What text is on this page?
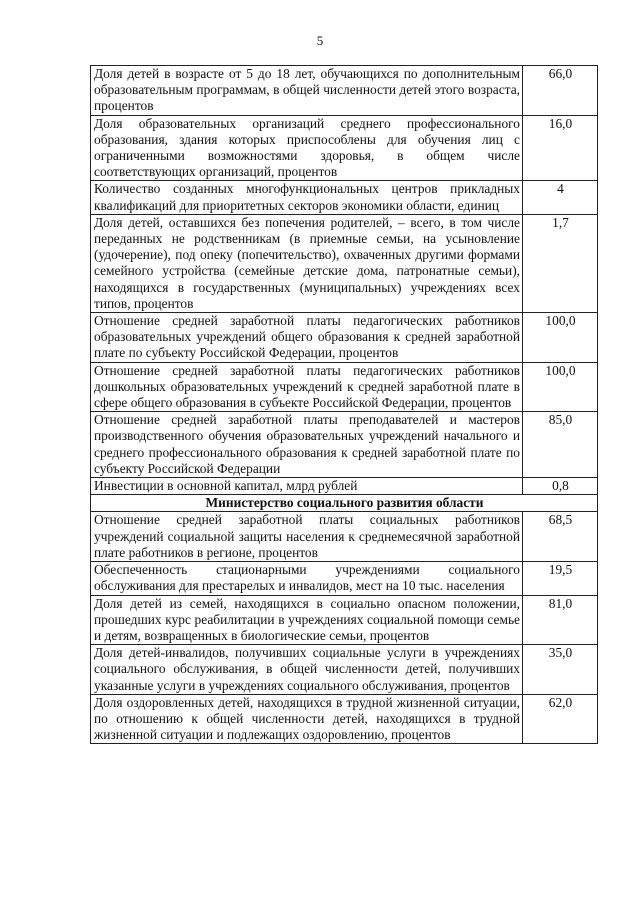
5
Доля детей в возрасте от 5 до 18 лет, обучающихся по дополнительным образовательным программам, в общей численности детей этого возраста, процентов	66,0
Доля образовательных организаций среднего профессионального образования, здания которых приспособлены для обучения лиц с ограниченными возможностями здоровья, в общем числе соответствующих организаций, процентов	16,0
Количество созданных многофункциональных центров прикладных квалификаций для приоритетных секторов экономики области, единиц	4
Доля детей, оставшихся без попечения родителей, – всего, в том числе переданных не родственникам (в приемные семьи, на усыновление (удочерение), под опеку (попечительство), охваченных другими формами семейного устройства (семейные детские дома, патронатные семьи), находящихся в государственных (муниципальных) учреждениях всех типов, процентов	1,7
Отношение средней заработной платы педагогических работников образовательных учреждений общего образования к средней заработной плате по субъекту Российской Федерации, процентов	100,0
Отношение средней заработной платы педагогических работников дошкольных образовательных учреждений к средней заработной плате в сфере общего образования в субъекте Российской Федерации, процентов	100,0
Отношение средней заработной платы преподавателей и мастеров производственного обучения образовательных учреждений начального и среднего профессионального образования к средней заработной плате по субъекту Российской Федерации	85,0
Инвестиции в основной капитал, млрд рублей	0,8
Министерство социального развития области	
Отношение средней заработной платы социальных работников учреждений социальной защиты населения к среднемесячной заработной плате работников в регионе, процентов	68,5
Обеспеченность стационарными учреждениями социального обслуживания для престарелых и инвалидов, мест на 10 тыс. населения	19,5
Доля детей из семей, находящихся в социально опасном положении, прошедших курс реабилитации в учреждениях социальной помощи семье и детям, возвращенных в биологические семьи, процентов	81,0
Доля детей-инвалидов, получивших социальные услуги в учреждениях социального обслуживания, в общей численности детей, получивших указанные услуги в учреждениях социального обслуживания, процентов	35,0
Доля оздоровленных детей, находящихся в трудной жизненной ситуации, по отношению к общей численности детей, находящихся в трудной жизненной ситуации и подлежащих оздоровлению, процентов	62,0
